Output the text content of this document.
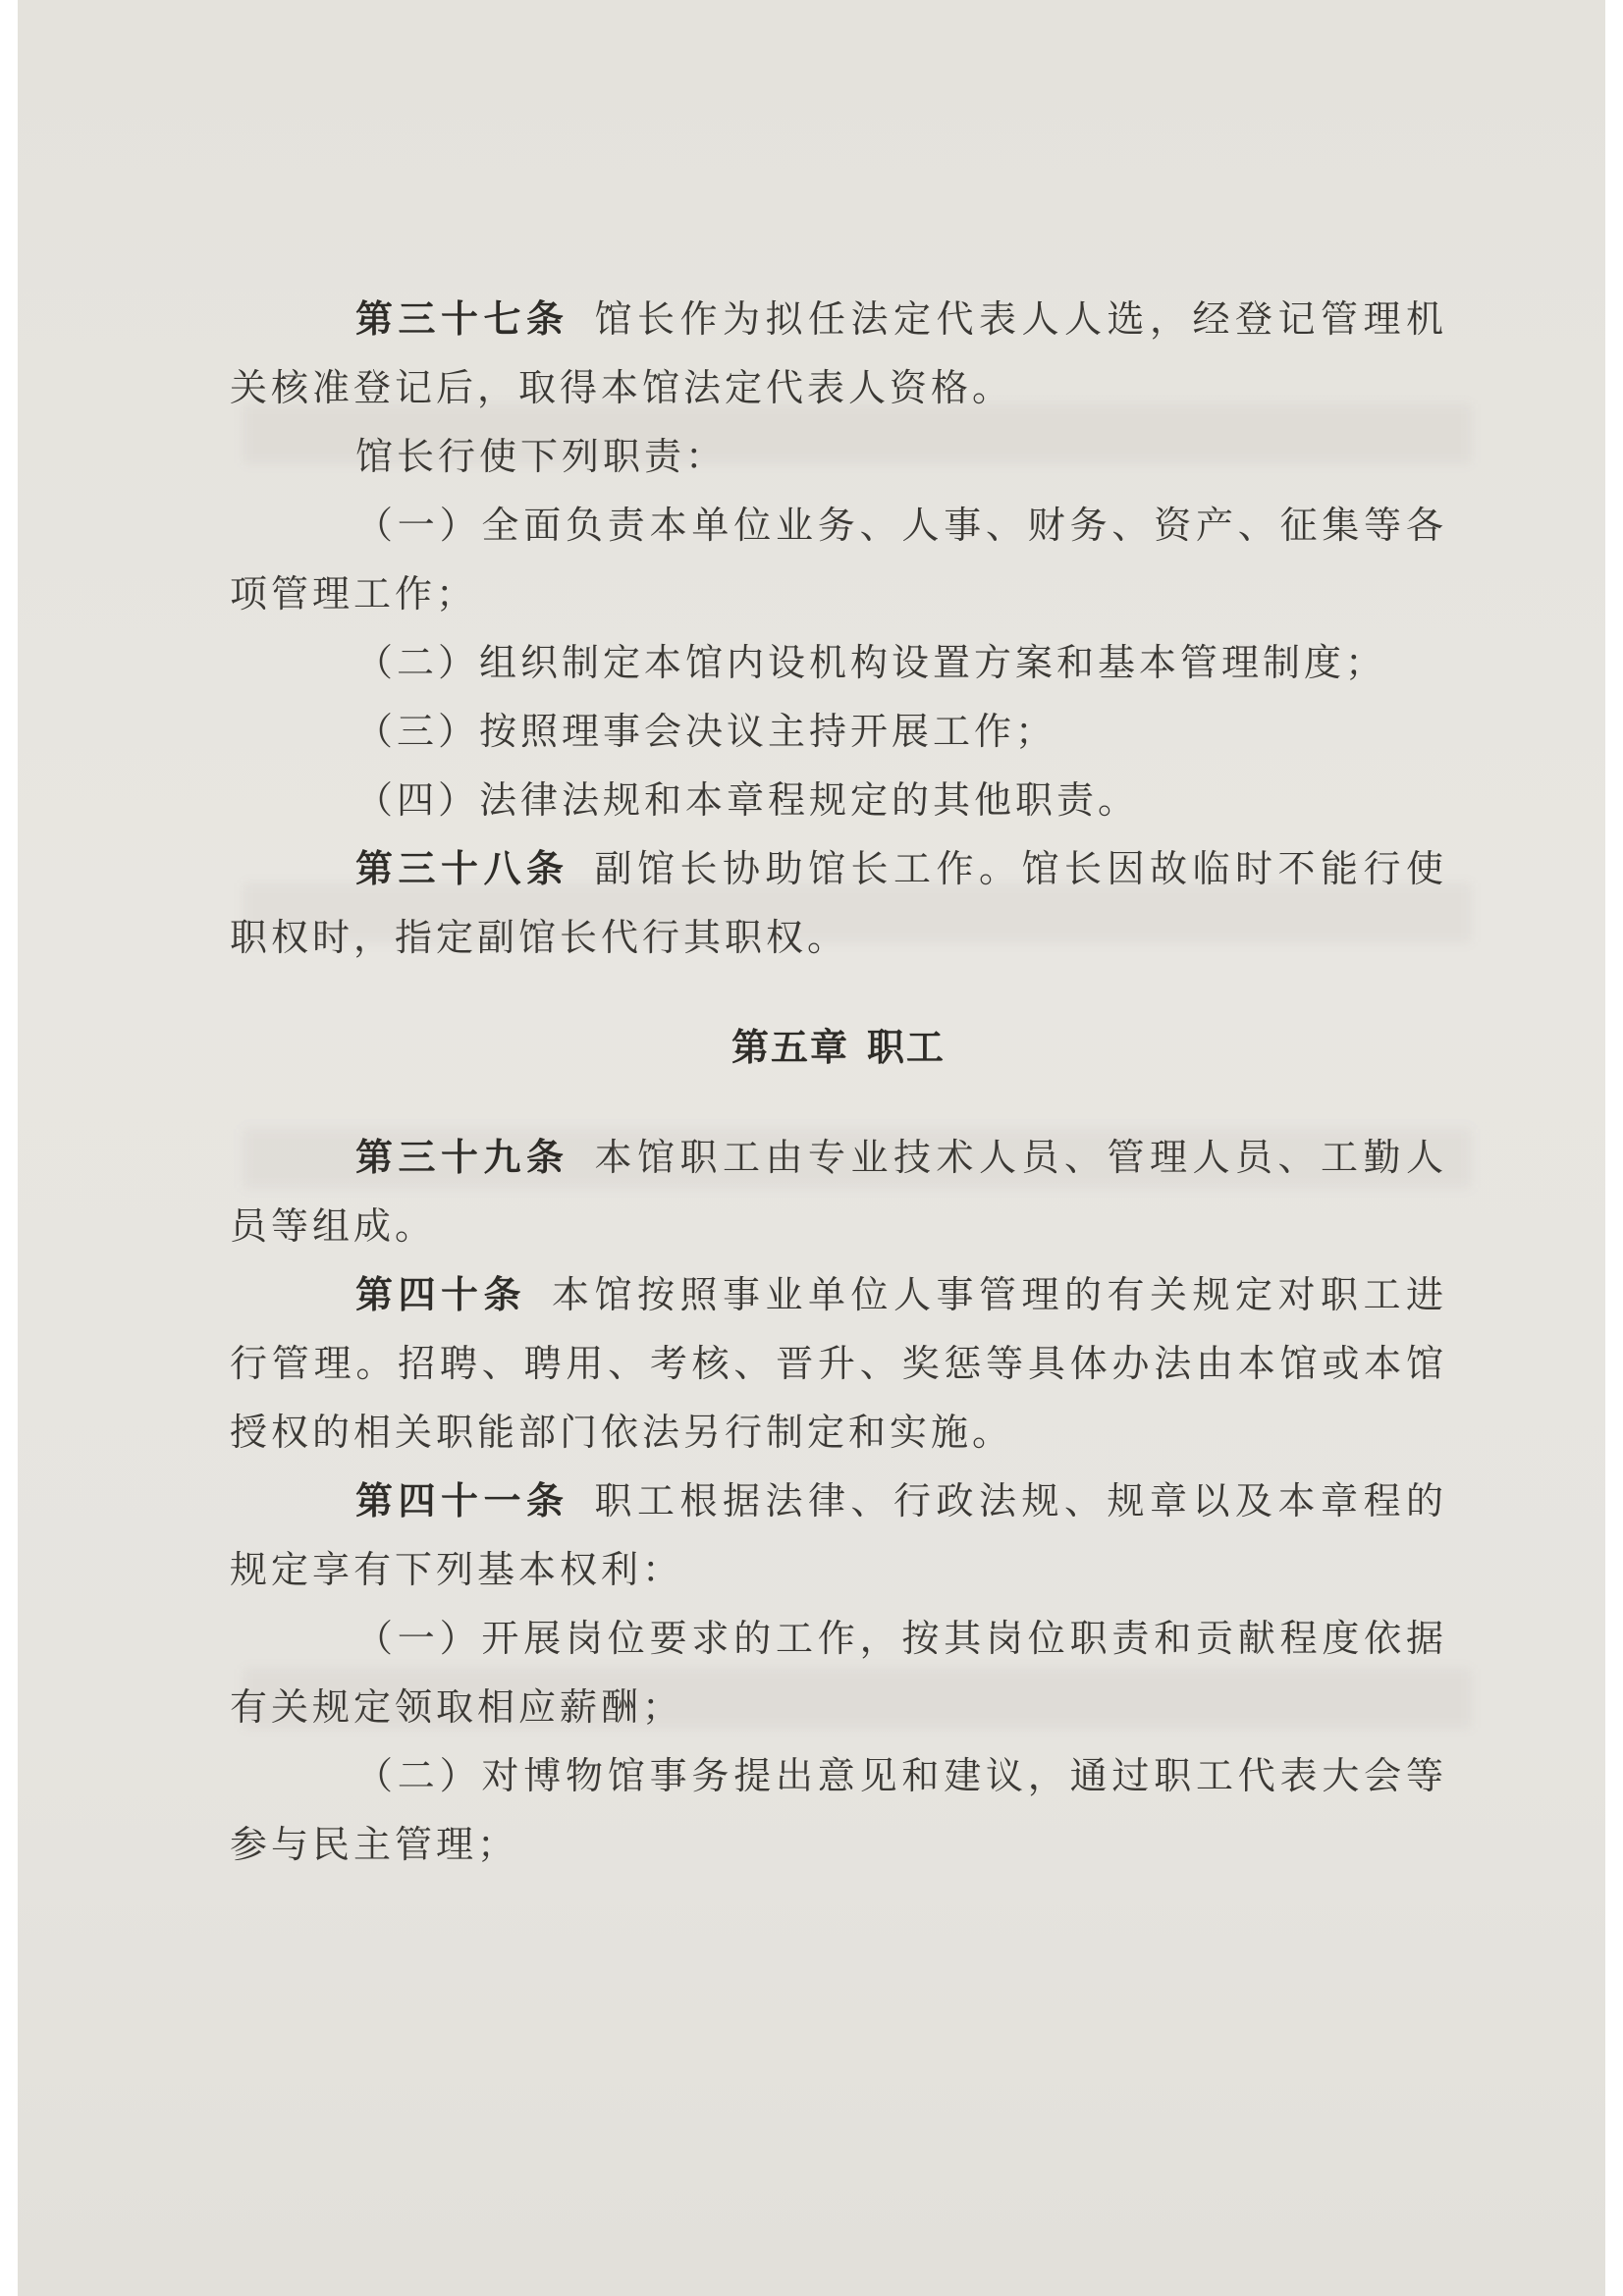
第三十七条 馆长作为拟任法定代表人人选，经登记管理机关核准登记后，取得本馆法定代表人资格。

馆长行使下列职责：

（一）全面负责本单位业务、人事、财务、资产、征集等各项管理工作；

（二）组织制定本馆内设机构设置方案和基本管理制度；

（三）按照理事会决议主持开展工作；

（四）法律法规和本章程规定的其他职责。

第三十八条 副馆长协助馆长工作。馆长因故临时不能行使职权时，指定副馆长代行其职权。

第五章 职工

第三十九条 本馆职工由专业技术人员、管理人员、工勤人员等组成。

第四十条 本馆按照事业单位人事管理的有关规定对职工进行管理。招聘、聘用、考核、晋升、奖惩等具体办法由本馆或本馆授权的相关职能部门依法另行制定和实施。

第四十一条 职工根据法律、行政法规、规章以及本章程的规定享有下列基本权利：

（一）开展岗位要求的工作，按其岗位职责和贡献程度依据有关规定领取相应薪酬；

（二）对博物馆事务提出意见和建议，通过职工代表大会等参与民主管理；
